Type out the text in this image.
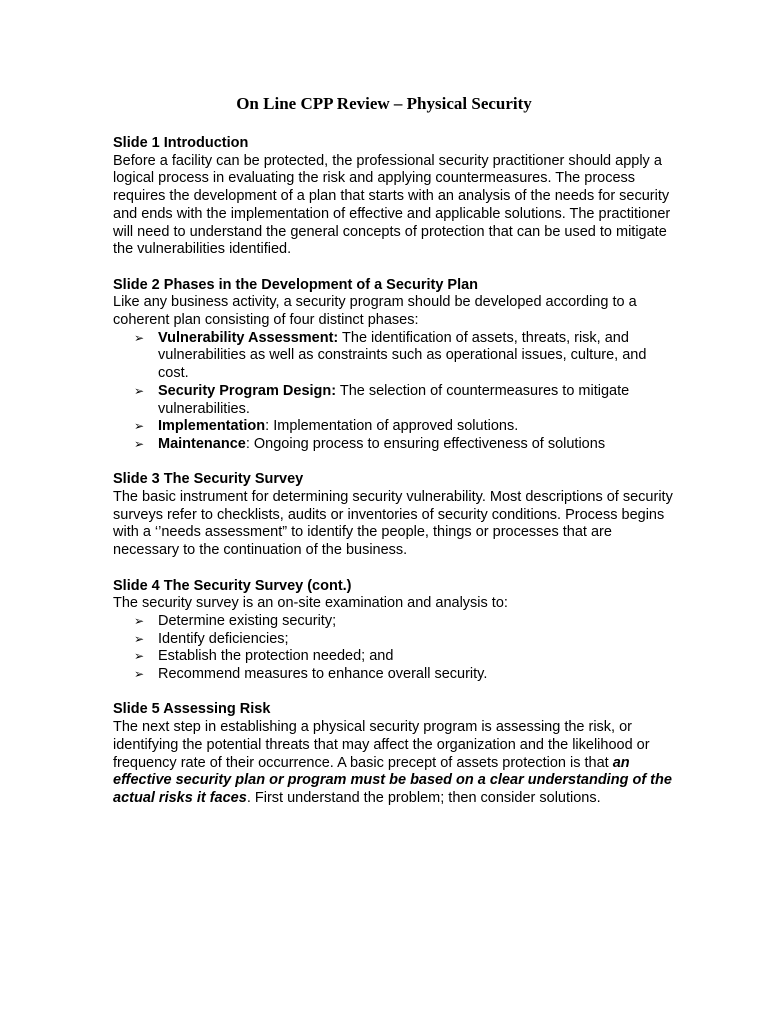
On Line CPP Review – Physical Security
Slide 1 Introduction

Before a facility can be protected, the professional security practitioner should apply a logical process in evaluating the risk and applying countermeasures. The process requires the development of a plan that starts with an analysis of the needs for security and ends with the implementation of effective and applicable solutions. The practitioner will need to understand the general concepts of protection that can be used to mitigate the vulnerabilities identified.

Slide 2 Phases in the Development of a Security Plan

Like any business activity, a security program should be developed according to a coherent plan consisting of four distinct phases:

➢ Vulnerability Assessment: The identification of assets, threats, risk, and vulnerabilities as well as constraints such as operational issues, culture, and cost.
➢ Security Program Design: The selection of countermeasures to mitigate vulnerabilities.
➢ Implementation: Implementation of approved solutions.
➢ Maintenance: Ongoing process to ensuring effectiveness of solutions
Slide 3 The Security Survey

The basic instrument for determining security vulnerability. Most descriptions of security surveys refer to checklists, audits or inventories of security conditions. Process begins with a ‘’needs assessment” to identify the people, things or processes that are necessary to the continuation of the business.

Slide 4 The Security Survey (cont.)

The security survey is an on-site examination and analysis to:

➢ Determine existing security;
➢ Identify deficiencies;
➢ Establish the protection needed; and
➢ Recommend measures to enhance overall security.
Slide 5 Assessing Risk

The next step in establishing a physical security program is assessing the risk, or identifying the potential threats that may affect the organization and the likelihood or frequency rate of their occurrence. A basic precept of assets protection is that an effective security plan or program must be based on a clear understanding of the actual risks it faces. First understand the problem; then consider solutions.
